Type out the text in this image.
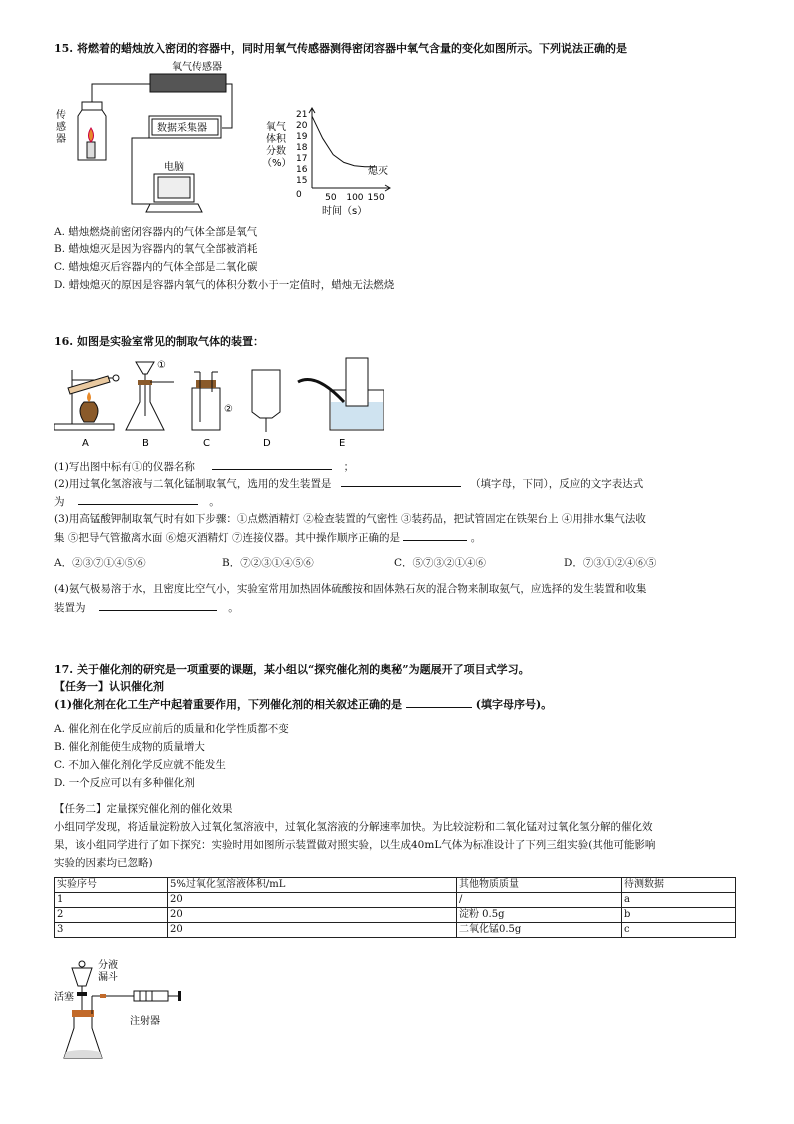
15. 将燃着的蜡烛放入密闭的容器中，同时用氧气传感器测得密闭容器中氧气含量的变化如图所示。下列说法正确的是
氧气传感器
数据采集器
传
感
器
电脑
氧气
体积
分数
（%）
21
20
19
18
17
16
15
0	50 100 150
熄灭
时间（s）
A. 蜡烛燃烧前密闭容器内的气体全部是氧气
B. 蜡烛熄灭是因为容器内的氧气全部被消耗
C. 蜡烛熄灭后容器内的气体全部是二氧化碳
D. 蜡烛熄灭的原因是容器内氧气的体积分数小于一定值时，蜡烛无法燃烧
16. 如图是实验室常见的制取气体的装置：
①
②
A	B	C	D	E
(1)写出图中标有①的仪器名称	；
(2)用过氧化氢溶液与二氧化锰制取氧气，选用的发生装置是	（填字母，下同），反应的文字表达式
为	。
(3)用高锰酸钾制取氧气时有如下步骤：①点燃酒精灯 ②检查装置的气密性 ③装药品，把试管固定在铁架台上 ④用排水集气法收
集 ⑤把导气管撤离水面 ⑥熄灭酒精灯 ⑦连接仪器。其中操作顺序正确的是	。
A．②③⑦①④⑤⑥	B．⑦②③①④⑤⑥	C．⑤⑦③②①④⑥	D．⑦③①②④⑥⑤
(4)氨气极易溶于水，且密度比空气小，实验室常用加热固体硫酸按和固体熟石灰的混合物来制取氨气，应选择的发生装置和收集
装置为	。
17. 关于催化剂的研究是一项重要的课题，某小组以“探究催化剂的奥秘”为题展开了项目式学习。
【任务一】认识催化剂
(1)催化剂在化工生产中起着重要作用，下列催化剂的相关叙述正确的是	(填字母序号)。
A. 催化剂在化学反应前后的质量和化学性质都不变
B. 催化剂能使生成物的质量增大
C. 不加入催化剂化学反应就不能发生
D. 一个反应可以有多种催化剂
【任务二】定量探究催化剂的催化效果
小组同学发现，将适量淀粉放入过氧化氢溶液中，过氧化氢溶液的分解速率加快。为比较淀粉和二氧化锰对过氧化氢分解的催化效
果，该小组同学进行了如下探究：实验时用如图所示装置做对照实验，以生成40mL气体为标准设计了下列三组实验(其他可能影响
实验的因素均已忽略)
实验序号	5%过氧化氢溶液体积/mL	其他物质质量	待测数据
1	20	/	a
2	20	淀粉 0.5g	b
3	20	二氧化锰0.5g	c
分液
漏斗
活塞
注射器
